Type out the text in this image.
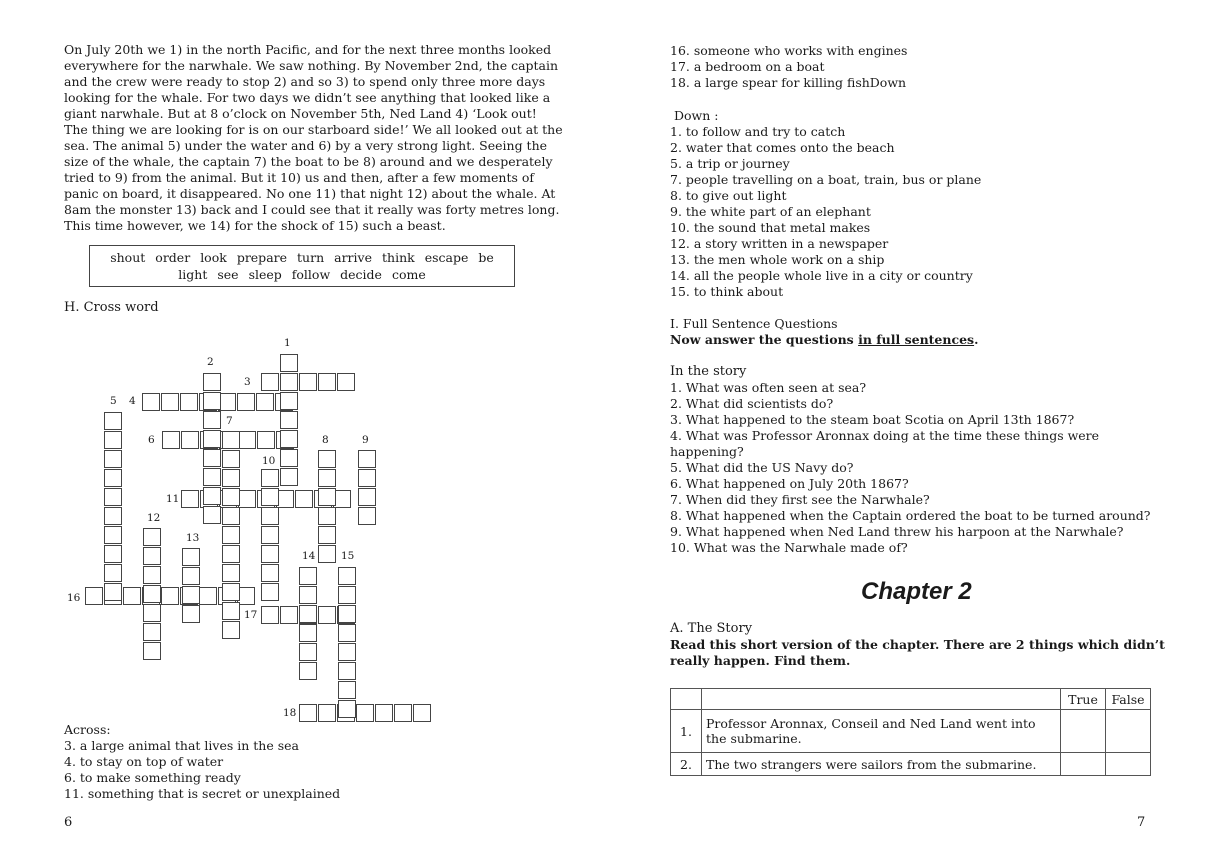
On July 20th we 1) in the north Pacific, and for the next three months looked
everywhere for the narwhale. We saw nothing. By November 2nd, the captain
and the crew were ready to stop 2) and so 3) to spend only three more days
looking for the whale. For two days we didn’t see anything that looked like a
giant narwhale. But at 8 o’clock on November 5th, Ned Land 4) ‘Look out!
The thing we are looking for is on our starboard side!’ We all looked out at the
sea. The animal 5) under the water and 6) by a very strong light. Seeing the
size of the whale, the captain 7) the boat to be 8) around and we desperately
tried to 9) from the animal. But it 10) us and then, after a few moments of
panic on board, it disappeared. No one 11) that night 12) about the whale. At
8am the monster 13) back and I could see that it really was forty metres long.
This time however, we 14) for the shock of 15) such a beast.
shout order look prepare turn arrive think escape be
light see sleep follow decide come
H. Cross word
1
2
3
5 4
7
6	8	9
10
11
12
13
14 15
16
17
18
Across:
3. a large animal that lives in the sea
4. to stay on top of water
6. to make something ready
11. something that is secret or unexplained
6
16. someone who works with engines
17. a bedroom on a boat
18. a large spear for killing fishDown
Down :
1. to follow and try to catch
2. water that comes onto the beach
5. a trip or journey
7. people travelling on a boat, train, bus or plane
8. to give out light
9. the white part of an elephant
10. the sound that metal makes
12. a story written in a newspaper
13. the men whole work on a ship
14. all the people whole live in a city or country
15. to think about
I. Full Sentence Questions
Now answer the questions in full sentences.
In the story
1. What was often seen at sea?
2. What did scientists do?
3. What happened to the steam boat Scotia on April 13th 1867?
4. What was Professor Aronnax doing at the time these things were
happening?
5. What did the US Navy do?
6. What happened on July 20th 1867?
7. When did they first see the Narwhale?
8. What happened when the Captain ordered the boat to be turned around?
9. What happened when Ned Land threw his harpoon at the Narwhale?
10. What was the Narwhale made of?
Chapter 2
A. The Story
Read this short version of the chapter. There are 2 things which didn’t
really happen. Find them.
		True	False
1.	Professor Aronnax, Conseil and Ned Land went into the submarine.		
2.	The two strangers were sailors from the submarine.		
7
